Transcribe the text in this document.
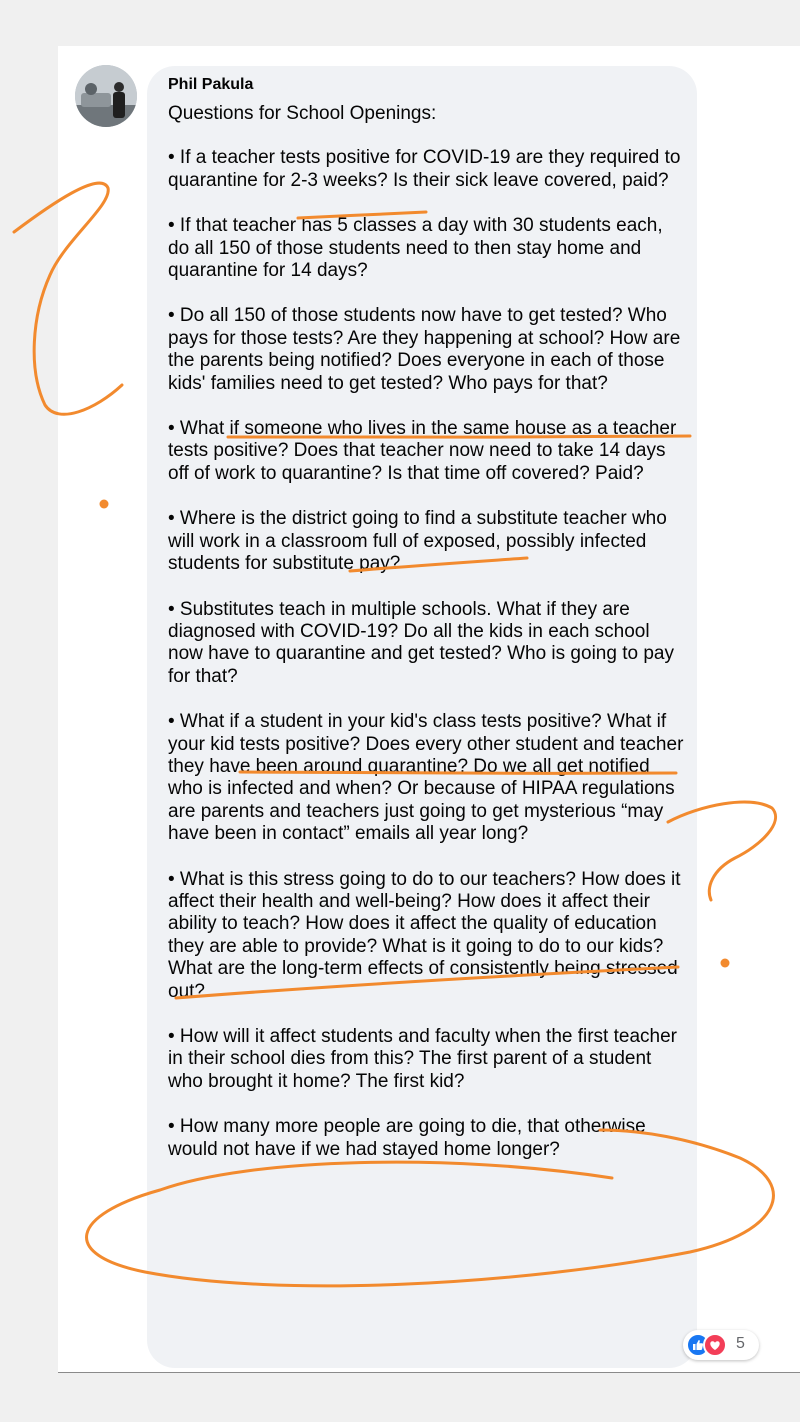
Phil Pakula
Questions for School Openings:
• If a teacher tests positive for COVID-19 are they required to quarantine for 2-3 weeks? Is their sick leave covered, paid?
• If that teacher has 5 classes a day with 30 students each, do all 150 of those students need to then stay home and quarantine for 14 days?
• Do all 150 of those students now have to get tested? Who pays for those tests? Are they happening at school? How are the parents being notified? Does everyone in each of those kids' families need to get tested? Who pays for that?
• What if someone who lives in the same house as a teacher tests positive? Does that teacher now need to take 14 days off of work to quarantine? Is that time off covered? Paid?
• Where is the district going to find a substitute teacher who will work in a classroom full of exposed, possibly infected students for substitute pay?
• Substitutes teach in multiple schools. What if they are diagnosed with COVID-19? Do all the kids in each school now have to quarantine and get tested? Who is going to pay for that?
• What if a student in your kid's class tests positive? What if your kid tests positive? Does every other student and teacher they have been around quarantine? Do we all get notified who is infected and when? Or because of HIPAA regulations are parents and teachers just going to get mysterious “may have been in contact” emails all year long?
• What is this stress going to do to our teachers? How does it affect their health and well-being? How does it affect their ability to teach? How does it affect the quality of education they are able to provide? What is it going to do to our kids? What are the long-term effects of consistently being stressed out?
• How will it affect students and faculty when the first teacher in their school dies from this? The first parent of a student who brought it home? The first kid?
• How many more people are going to die, that otherwise would not have if we had stayed home longer?
5
